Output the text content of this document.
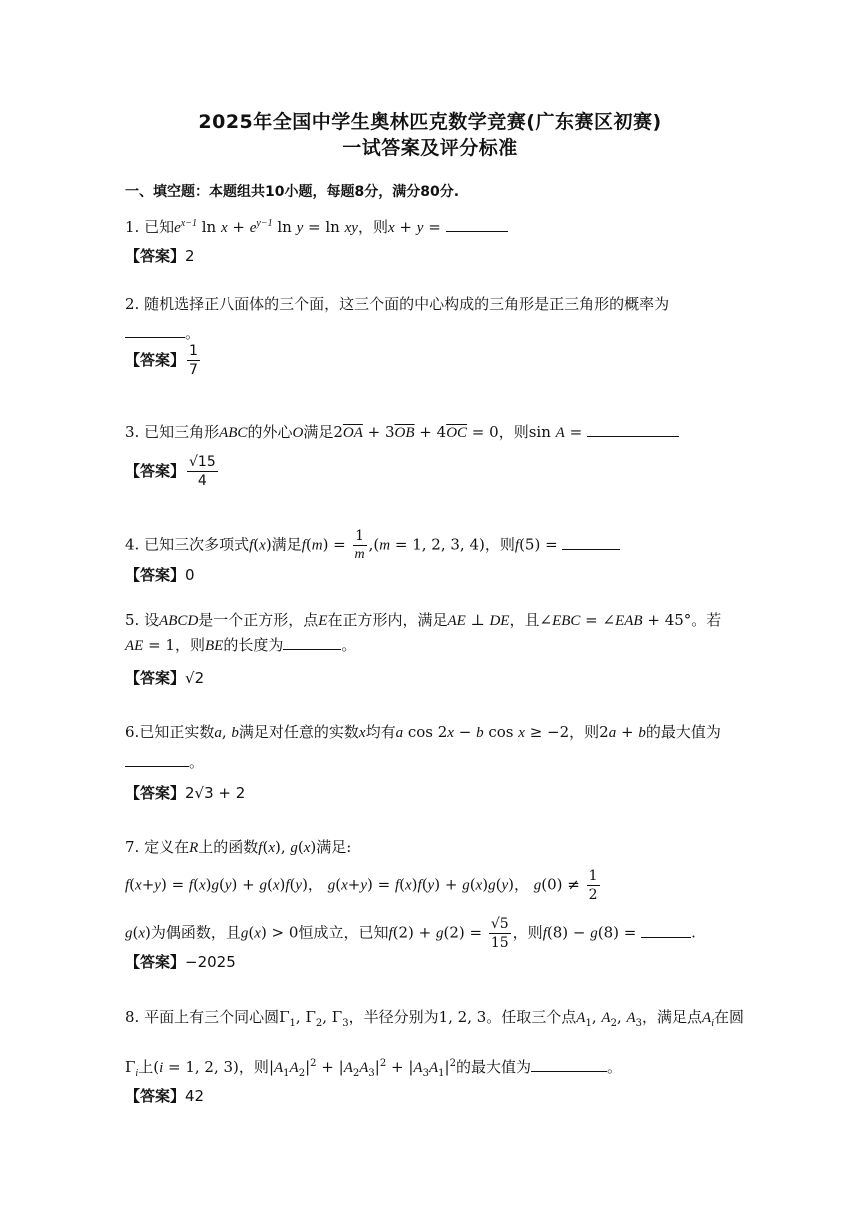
2025年全国中学生奥林匹克数学竞赛(广东赛区初赛)
一试答案及评分标准
一、填空题：本题组共10小题，每题8分，满分80分.
1. 已知$e^{x-1}$ $\ln x + e^{y-1}$ ln y = ln xy，则x + y =
【答案】2
2. 随机选择正八面体的三个面，这三个面的中心构成的三角形是正三角形的概率为
。
【答案】 $\frac{1}{7}$
3. 已知三角形ABC的外心O满足$2\overline{OA} + 3\overline{OB} + 4\overline{OC} = 0$，则sin A =
【答案】 $\frac{√15}{4}$
4. 已知三次多项式f(x)满足$f(m) = \frac{1}{m} ,(m = 1$, 2, 3, 4)，则f(5) =
【答案】0
5. 设ABCD是一个正方形，点E在正方形内，满足AE ⊥ DE，且∠EBC = ∠EAB + 45°。若
AE = 1，则BE的长度为	。
【答案】√2
6.已知正实数a, b满足对任意的实数x均有a cos 2x − b cos x ≥ −2，则2a + b的最大值为
。
【答案】2√3 + 2
7. 定义在R上的函数f(x), g(x)满足:
f(x+y) = f(x)g(y) + g(x)f(y)， g(x+y) = f(x)f(y) + g(x)g(y)， $g(0) \ne \frac{1}{2}$
g(x)为偶函数，且g(x) > 0恒成立，已知$f(2) + g(2) = \frac{√5}{15}$ ，则f(8) − g(8) =	.
【答案】−2025
8. 平面上有三个同心圆$\Gamma_1$, $\Gamma_2$, $\Gamma_3$，半径分别为1, 2, 3。任取三个点$A_1$, $A_2$, $A_3$，满足点$A_i$在圆
$\Gamma_i$上(i = 1, 2, 3)，则$|A_1A_2|^2 + |A_2A_3|^2 + |A_3A_1|^2$的最大值为	。
【答案】42
